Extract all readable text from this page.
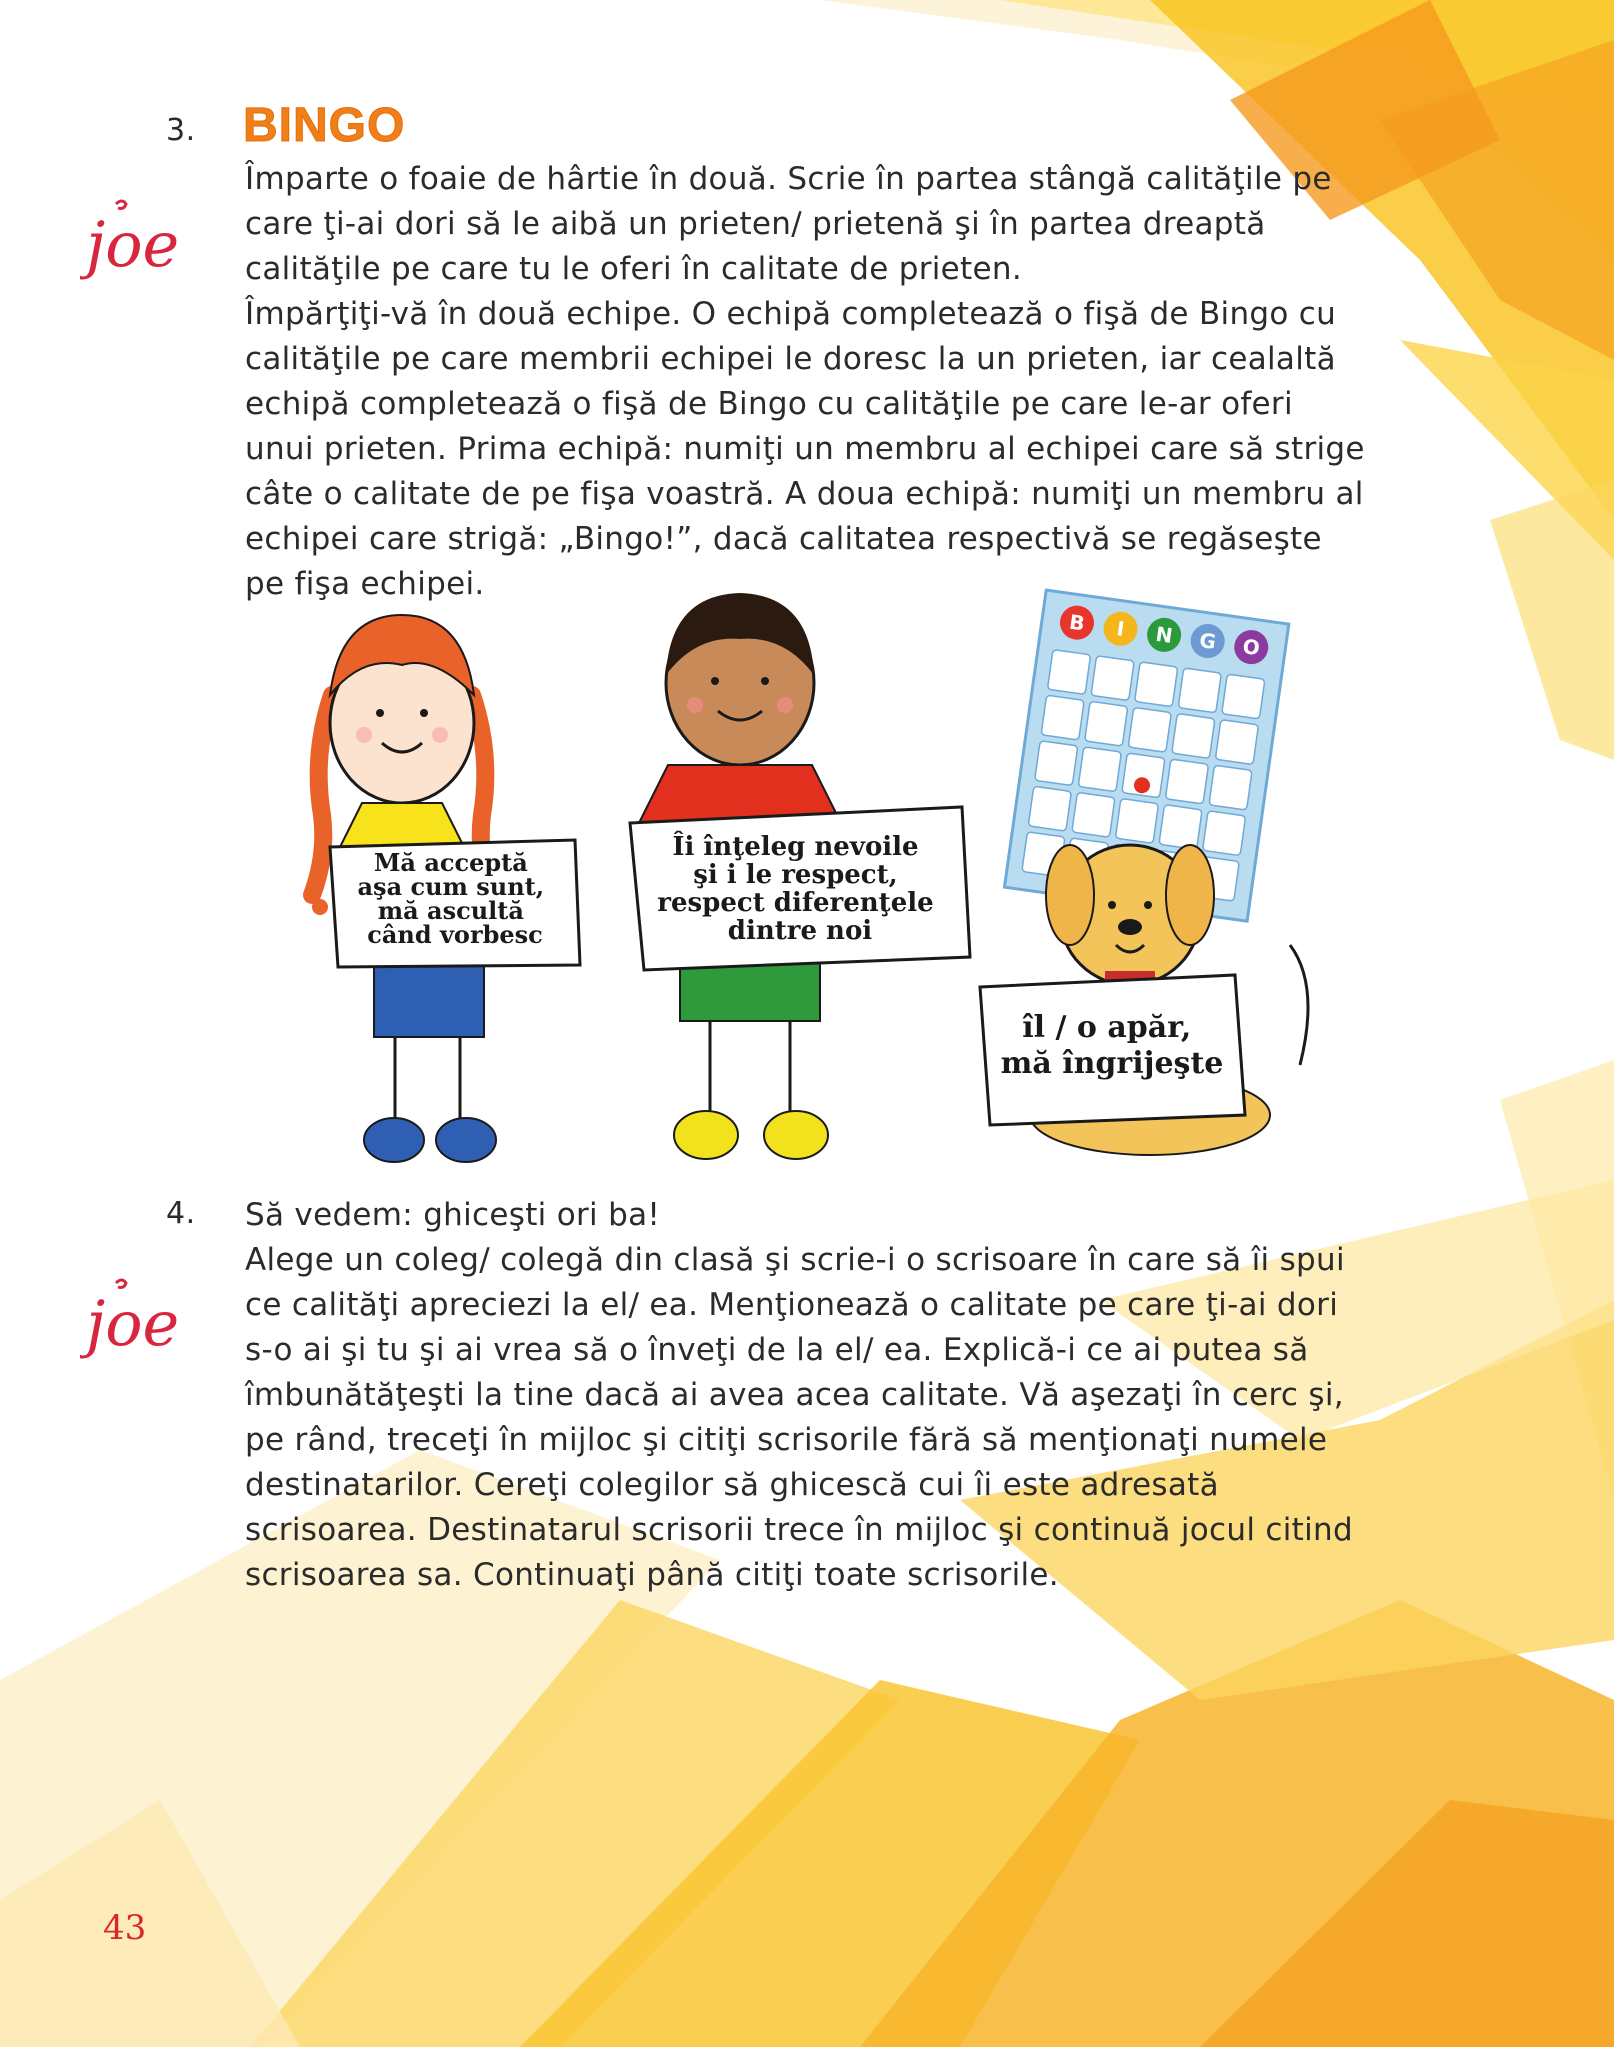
3. BINGO
joe
Împarte o foaie de hârtie în două. Scrie în partea stângă calităţile pe
care ţi-ai dori să le aibă un prieten/ prietenă şi în partea dreaptă
calităţile pe care tu le oferi în calitate de prieten.
Împărţiţi-vă în două echipe. O echipă completează o fişă de Bingo cu
calităţile pe care membrii echipei le doresc la un prieten, iar cealaltă
echipă completează o fişă de Bingo cu calităţile pe care le-ar oferi
unui prieten. Prima echipă: numiţi un membru al echipei care să strige
câte o calitate de pe fişa voastră. A doua echipă: numiţi un membru al
echipei care strigă: „Bingo!”, dacă calitatea respectivă se regăseşte
pe fişa echipei.
Mă acceptă aşa cum sunt, mă ascultă când vorbesc
Îi înţeleg nevoile şi i le respect, respect diferenţele dintre noi
B I N G O
îl / o apăr, mă îngrijeşte
4.
joe
Să vedem: ghiceşti ori ba!
Alege un coleg/ colegă din clasă şi scrie-i o scrisoare în care să îi spui
ce calităţi apreciezi la el/ ea. Menţionează o calitate pe care ţi-ai dori
s-o ai şi tu şi ai vrea să o înveţi de la el/ ea. Explică-i ce ai putea să
îmbunătăţeşti la tine dacă ai avea acea calitate. Vă aşezaţi în cerc şi,
pe rând, treceţi în mijloc şi citiţi scrisorile fără să menţionaţi numele
destinatarilor. Cereţi colegilor să ghicescă cui îi este adresată
scrisoarea. Destinatarul scrisorii trece în mijloc şi continuă jocul citind
scrisoarea sa. Continuaţi până citiţi toate scrisorile.
43
